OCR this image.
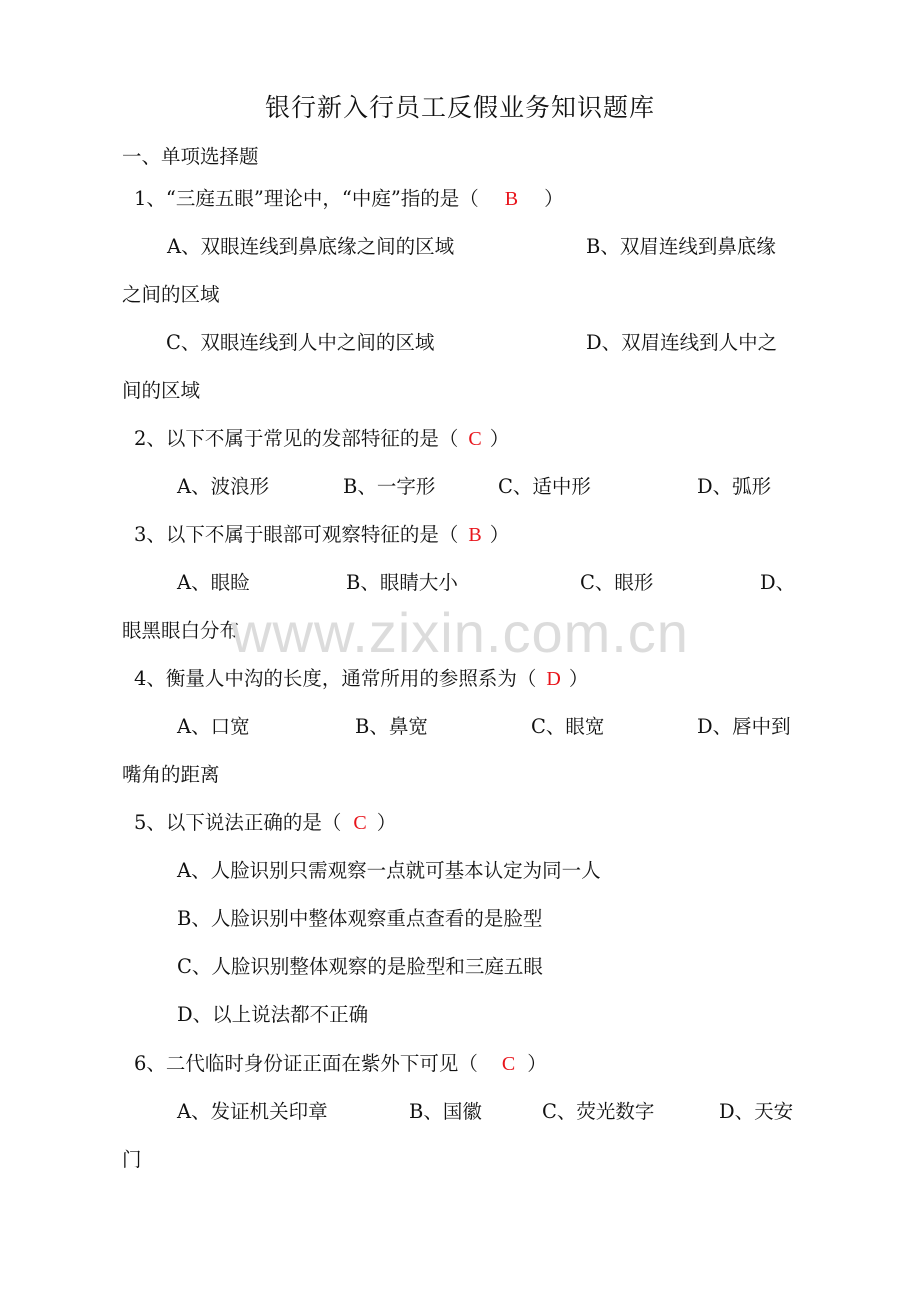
银行新入行员工反假业务知识题库
一、单项选择题
1、“三庭五眼”理论中，“中庭”指的是（ B ）
A、双眼连线到鼻底缘之间的区域	B、双眉连线到鼻底缘
之间的区域
C、双眼连线到人中之间的区域	D、双眉连线到人中之
间的区域
2、以下不属于常见的发部特征的是（ C ）
A、波浪形	B、一字形	C、适中形	D、弧形
3、以下不属于眼部可观察特征的是（ B ）
A、眼睑	B、眼睛大小	C、眼形	D、
眼黑眼白分布
4、衡量人中沟的长度，通常所用的参照系为（ D ）
A、口宽	B、鼻宽	C、眼宽	D、唇中到
嘴角的距离
5、以下说法正确的是（ C ）
A、人脸识别只需观察一点就可基本认定为同一人
B、人脸识别中整体观察重点查看的是脸型
C、人脸识别整体观察的是脸型和三庭五眼
D、以上说法都不正确
6、二代临时身份证正面在紫外下可见（ C ）
A、发证机关印章	B、国徽	C、荧光数字	D、天安
门
www.zixin.com.cn
